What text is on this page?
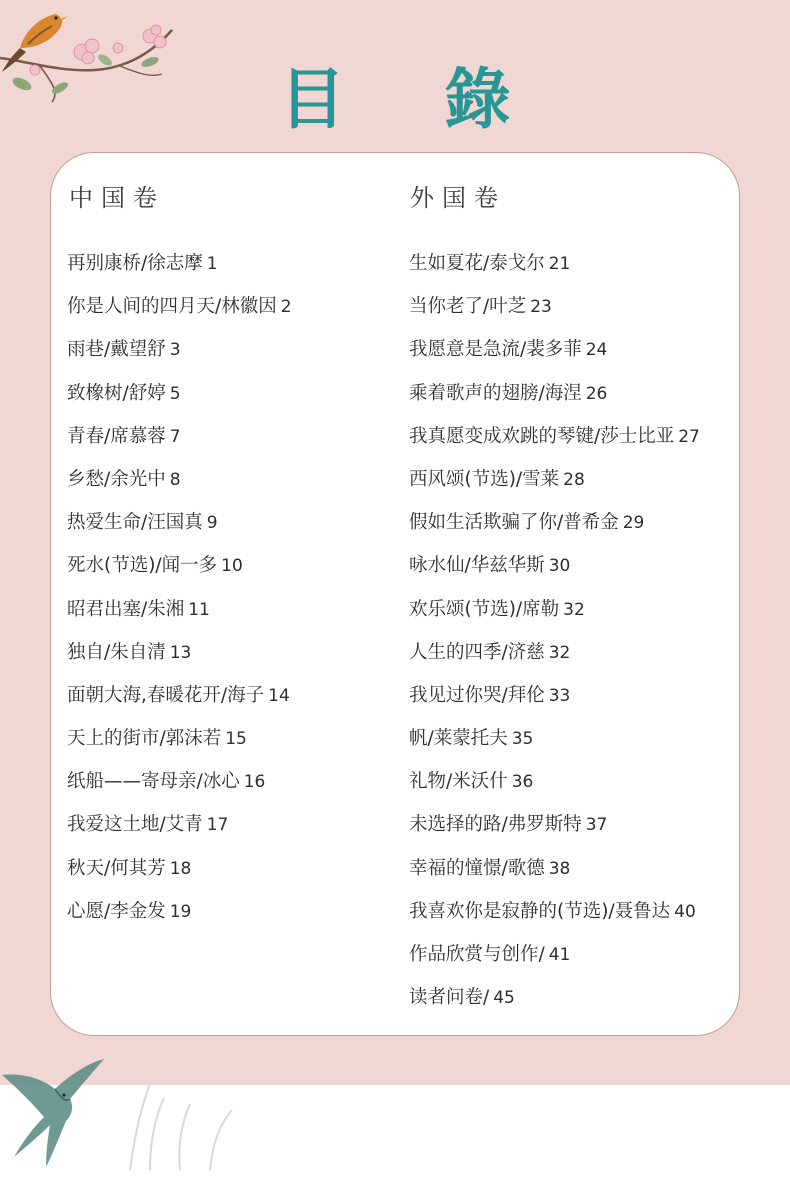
目 錄
中国卷	外国卷
再别康桥/徐志摩 1
你是人间的四月天/林徽因 2
雨巷/戴望舒 3
致橡树/舒婷 5
青春/席慕蓉 7
乡愁/余光中 8
热爱生命/汪国真 9
死水(节选)/闻一多 10
昭君出塞/朱湘 11
独自/朱自清 13
面朝大海,春暖花开/海子 14
天上的街市/郭沫若 15
纸船——寄母亲/冰心 16
我爱这土地/艾青 17
秋天/何其芳 18
心愿/李金发 19
生如夏花/泰戈尔 21
当你老了/叶芝 23
我愿意是急流/裴多菲 24
乘着歌声的翅膀/海涅 26
我真愿变成欢跳的琴键/莎士比亚 27
西风颂(节选)/雪莱 28
假如生活欺骗了你/普希金 29
咏水仙/华兹华斯 30
欢乐颂(节选)/席勒 32
人生的四季/济慈 32
我见过你哭/拜伦 33
帆/莱蒙托夫 35
礼物/米沃什 36
未选择的路/弗罗斯特 37
幸福的憧憬/歌德 38
我喜欢你是寂静的(节选)/聂鲁达 40
作品欣赏与创作/ 41
读者问卷/ 45
